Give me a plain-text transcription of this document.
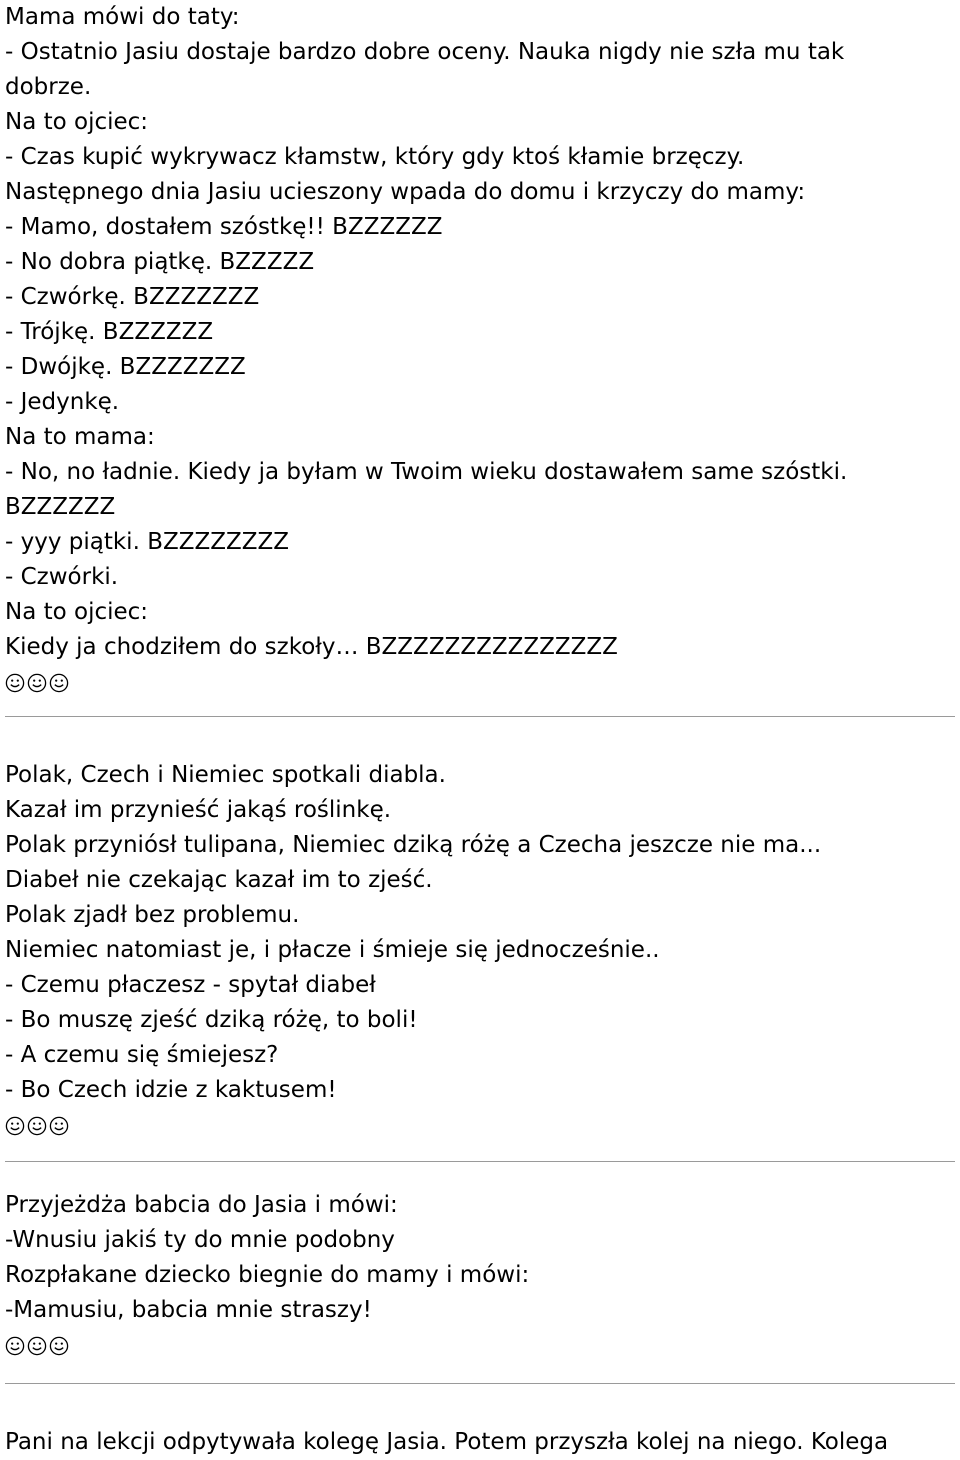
Mama mówi do taty:
- Ostatnio Jasiu dostaje bardzo dobre oceny. Nauka nigdy nie szła mu tak
dobrze.
Na to ojciec:
- Czas kupić wykrywacz kłamstw, który gdy ktoś kłamie brzęczy.
Następnego dnia Jasiu ucieszony wpada do domu i krzyczy do mamy:
- Mamo, dostałem szóstkę!! BZZZZZZ
- No dobra piątkę. BZZZZZ
- Czwórkę. BZZZZZZZ
- Trójkę. BZZZZZZ
- Dwójkę. BZZZZZZZ
- Jedynkę.
Na to mama:
- No, no ładnie. Kiedy ja byłam w Twoim wieku dostawałem same szóstki.
BZZZZZZ
- yyy piątki. BZZZZZZZZ
- Czwórki.
Na to ojciec:
Kiedy ja chodziłem do szkoły… BZZZZZZZZZZZZZZZ
Polak, Czech i Niemiec spotkali diabla.
Kazał im przynieść jakąś roślinkę.
Polak przyniósł tulipana, Niemiec dziką różę a Czecha jeszcze nie ma...
Diabeł nie czekając kazał im to zjeść.
Polak zjadł bez problemu.
Niemiec natomiast je, i płacze i śmieje się jednocześnie..
- Czemu płaczesz - spytał diabeł
- Bo muszę zjeść dziką różę, to boli!
- A czemu się śmiejesz?
- Bo Czech idzie z kaktusem!
Przyjeżdża babcia do Jasia i mówi:
-Wnusiu jakiś ty do mnie podobny
Rozpłakane dziecko biegnie do mamy i mówi:
-Mamusiu, babcia mnie straszy!
Pani na lekcji odpytywała kolegę Jasia. Potem przyszła kolej na niego. Kolega
